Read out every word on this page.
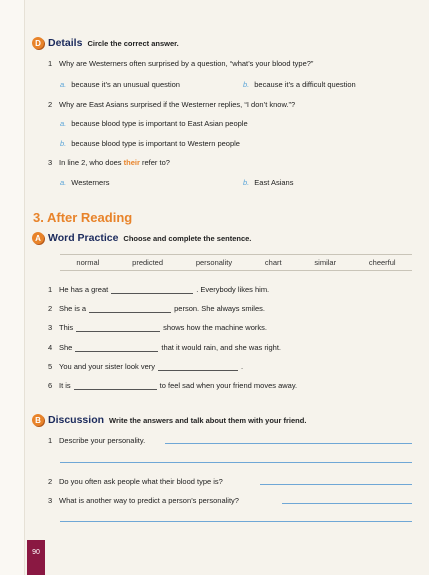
D Details Circle the correct answer.
1 Why are Westerners often surprised by a question, “what’s your blood type?”
a. because it’s an unusual question	b. because it’s a difficult question
2 Why are East Asians surprised if the Westerner replies, “I don’t know.”?
a. because blood type is important to East Asian people
b. because blood type is important to Western people
3 In line 2, who does their refer to?
a. Westerners	b. East Asians
3. After Reading
A Word Practice Choose and complete the sentence.
normal	predicted	personality	chart	similar	cheerful
1 He has a great	. Everybody likes him.
2 She is a	person. She always smiles.
3 This	shows how the machine works.
4 She	that it would rain, and she was right.
5 You and your sister look very	.
6 It is	to feel sad when your friend moves away.
B Discussion Write the answers and talk about them with your friend.
1 Describe your personality.
2 Do you often ask people what their blood type is?
3 What is another way to predict a person’s personality?
90
